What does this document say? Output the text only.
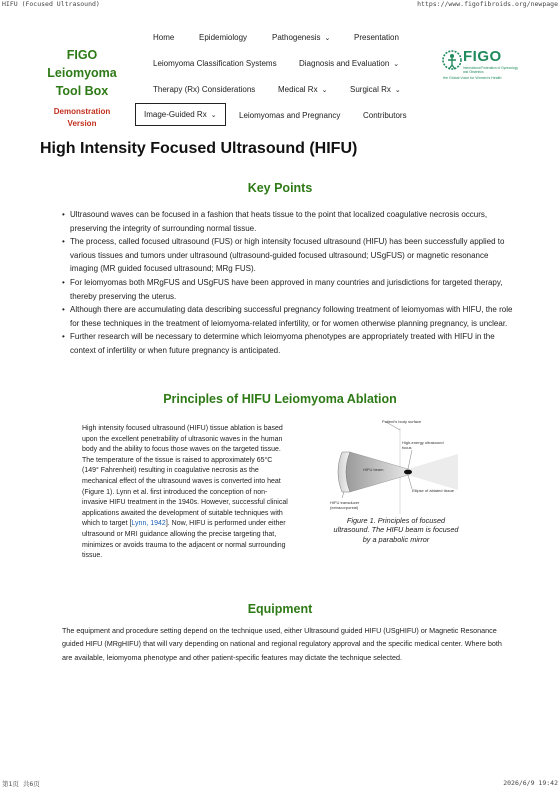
HIFU (Focused Ultrasound)	https://www.figofibroids.org/newpage
FIGO
Leiomyoma
Tool Box
Demonstration
Version
Home	Epidemiology	Pathogenesis ⌄	Presentation
Leiomyoma Classification Systems	Diagnosis and Evaluation ⌄
Therapy (Rx) Considerations	Medical Rx ⌄	Surgical Rx ⌄
Image-Guided Rx ⌄	Leiomyomas and Pregnancy	Contributors
FIGO
International Federation of Gynecology and Obstetrics
the Global Voice for Women's Health
High Intensity Focused Ultrasound (HIFU)
Key Points
• Ultrasound waves can be focused in a fashion that heats tissue to the point that localized coagulative necrosis occurs, preserving the integrity of surrounding normal tissue.
• The process, called focused ultrasound (FUS) or high intensity focused ultrasound (HIFU) has been successfully applied to various tissues and tumors under ultrasound (ultrasound-guided focused ultrasound; USgFUS) or magnetic resonance imaging (MR guided focused ultrasound; MRg FUS).
• For leiomyomas both MRgFUS and USgFUS have been approved in many countries and jurisdictions for targeted therapy, thereby preserving the uterus.
• Although there are accumulating data describing successful pregnancy following treatment of leiomyomas with HIFU, the role for these techniques in the treatment of leiomyoma-related infertility, or for women otherwise planning pregnancy, is unclear.
• Further research will be necessary to determine which leiomyoma phenotypes are appropriately treated with HIFU in the context of infertility or when future pregnancy is anticipated.
Principles of HIFU Leiomyoma Ablation
High intensity focused ultrasound (HIFU) tissue ablation is based upon the excellent penetrability of ultrasonic waves in the human body and the ability to focus those waves on the targeted tissue. The temperature of the tissue is raised to approximately 65°C (149° Fahrenheit) resulting in coagulative necrosis as the mechanical effect of the ultrasound waves is converted into heat (Figure 1). Lynn et al. first introduced the conception of non-invasive HIFU treatment in the 1940s. However, successful clinical applications awaited the development of suitable techniques with which to target [Lynn, 1942]. Now, HIFU is performed under either ultrasound or MRI guidance allowing the precise targeting that, minimizes or avoids trauma to the adjacent or normal surrounding tissue.
Patient's body surface
High-energy ultrasound focus
HIFU beam
Ellipse of ablated tissue
HIFU transducer (extracorporeal)
Figure 1. Principles of focused ultrasound. The HIFU beam is focused by a parabolic mirror
Equipment
The equipment and procedure setting depend on the technique used, either Ultrasound guided HIFU (USgHIFU) or Magnetic Resonance guided HIFU (MRgHIFU) that will vary depending on national and regional regulatory approval and the specific medical center. Where both are available, leiomyoma phenotype and other patient-specific features may dictate the technique selected.
第1页 共6页	2026/6/9 19:42
